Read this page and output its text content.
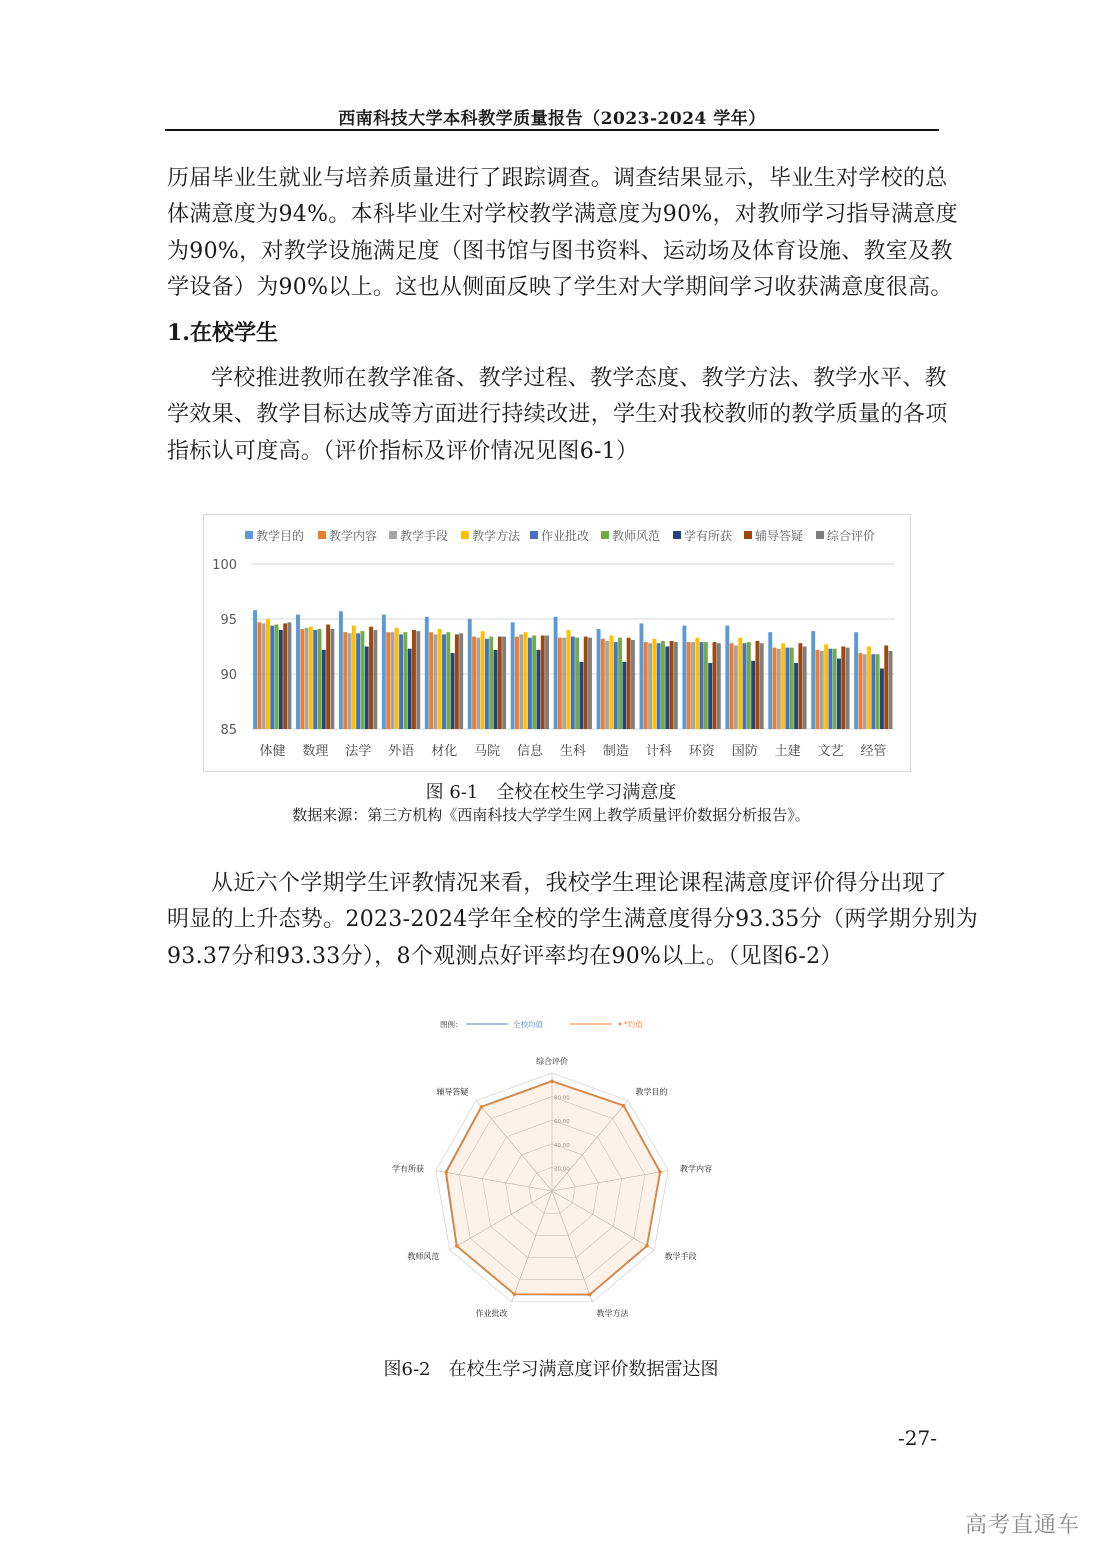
西南科技大学本科教学质量报告（2023-2024 学年）
历届毕业生就业与培养质量进行了跟踪调查。调查结果显示，毕业生对学校的总
体满意度为94%。本科毕业生对学校教学满意度为90%，对教师学习指导满意度
为90%，对教学设施满足度（图书馆与图书资料、运动场及体育设施、教室及教
学设备）为90%以上。这也从侧面反映了学生对大学期间学习收获满意度很高。
1.在校学生
学校推进教师在教学准备、教学过程、教学态度、教学方法、教学水平、教
学效果、教学目标达成等方面进行持续改进，学生对我校教师的教学质量的各项
指标认可度高。（评价指标及评价情况见图6-1）
85
90
95
100
教学目的 教学内容 教学手段 教学方法 作业批改 教师风范 学有所获 辅导答疑 综合评价
体健 数理 法学 外语 材化 马院 信息 生科 制造 计科 环资 国防 土建 文艺 经管
图 6-1　全校在校生学习满意度
数据来源：第三方机构《西南科技大学学生网上教学质量评价数据分析报告》。
从近六个学期学生评教情况来看，我校学生理论课程满意度评价得分出现了
明显的上升态势。2023-2024学年全校的学生满意度得分93.35分（两学期分别为
93.37分和93.33分），8个观测点好评率均在90%以上。（见图6-2）
图例：	全校均值	*均值
综合评价
教学目的
教学内容
教学手段
教学方法
作业批改
教师风范
学有所获
辅导答疑
图6-2　在校生学习满意度评价数据雷达图
-27-
高考直通车
